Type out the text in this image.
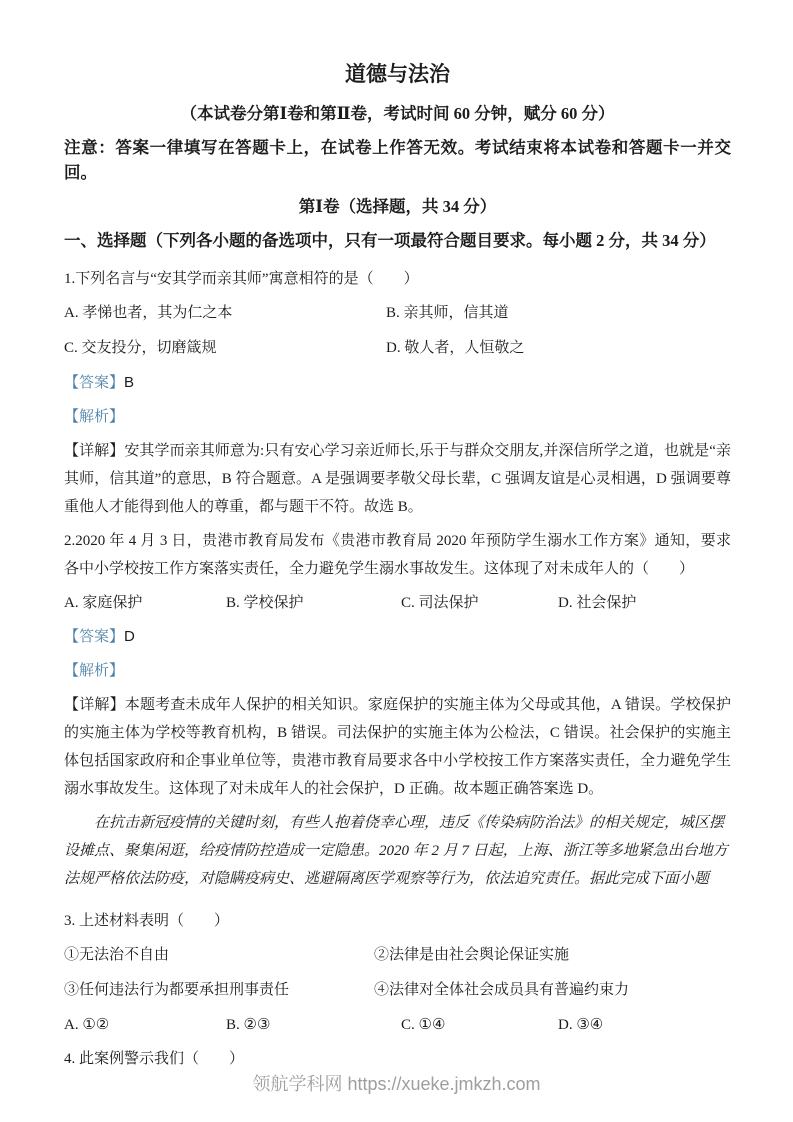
道德与法治

（本试卷分第Ⅰ卷和第Ⅱ卷，考试时间 60 分钟，赋分 60 分）

注意：答案一律填写在答题卡上，在试卷上作答无效。考试结束将本试卷和答题卡一并交回。

第Ⅰ卷（选择题，共 34 分）

一、选择题（下列各小题的备选项中，只有一项最符合题目要求。每小题 2 分，共 34 分）

1.下列名言与“安其学而亲其师”寓意相符的是（　　）

A. 孝悌也者，其为仁之本	B. 亲其师，信其道
C. 交友投分，切磨箴规	D. 敬人者，人恒敬之

【答案】B

【解析】

【详解】安其学而亲其师意为:只有安心学习亲近师长,乐于与群众交朋友,并深信所学之道，也就是“亲其师，信其道”的意思，B 符合题意。A 是强调要孝敬父母长辈，C 强调友谊是心灵相遇，D 强调要尊重他人才能得到他人的尊重，都与题干不符。故选 B。

2.2020 年 4 月 3 日，贵港市教育局发布《贵港市教育局 2020 年预防学生溺水工作方案》通知，要求各中小学校按工作方案落实责任，全力避免学生溺水事故发生。这体现了对未成年人的（　　）

A. 家庭保护	B. 学校保护	C. 司法保护	D. 社会保护

【答案】D

【解析】

【详解】本题考查未成年人保护的相关知识。家庭保护的实施主体为父母或其他，A 错误。学校保护的实施主体为学校等教育机构，B 错误。司法保护的实施主体为公检法，C 错误。社会保护的实施主体包括国家政府和企事业单位等，贵港市教育局要求各中小学校按工作方案落实责任，全力避免学生溺水事故发生。这体现了对未成年人的社会保护，D 正确。故本题正确答案选 D。

在抗击新冠疫情的关键时刻，有些人抱着侥幸心理，违反《传染病防治法》的相关规定，城区摆设摊点、聚集闲逛，给疫情防控造成一定隐患。2020 年 2 月 7 日起，上海、浙江等多地紧急出台地方法规严格依法防疫，对隐瞒疫病史、逃避隔离医学观察等行为，依法追究责任。据此完成下面小题

3. 上述材料表明（　　）

①无法治不自由	②法律是由社会舆论保证实施
③任何违法行为都要承担刑事责任	④法律对全体社会成员具有普遍约束力
A. ①②	B. ②③	C. ①④	D. ③④

4. 此案例警示我们（　　）

领航学科网 https://xueke.jmkzh.com
